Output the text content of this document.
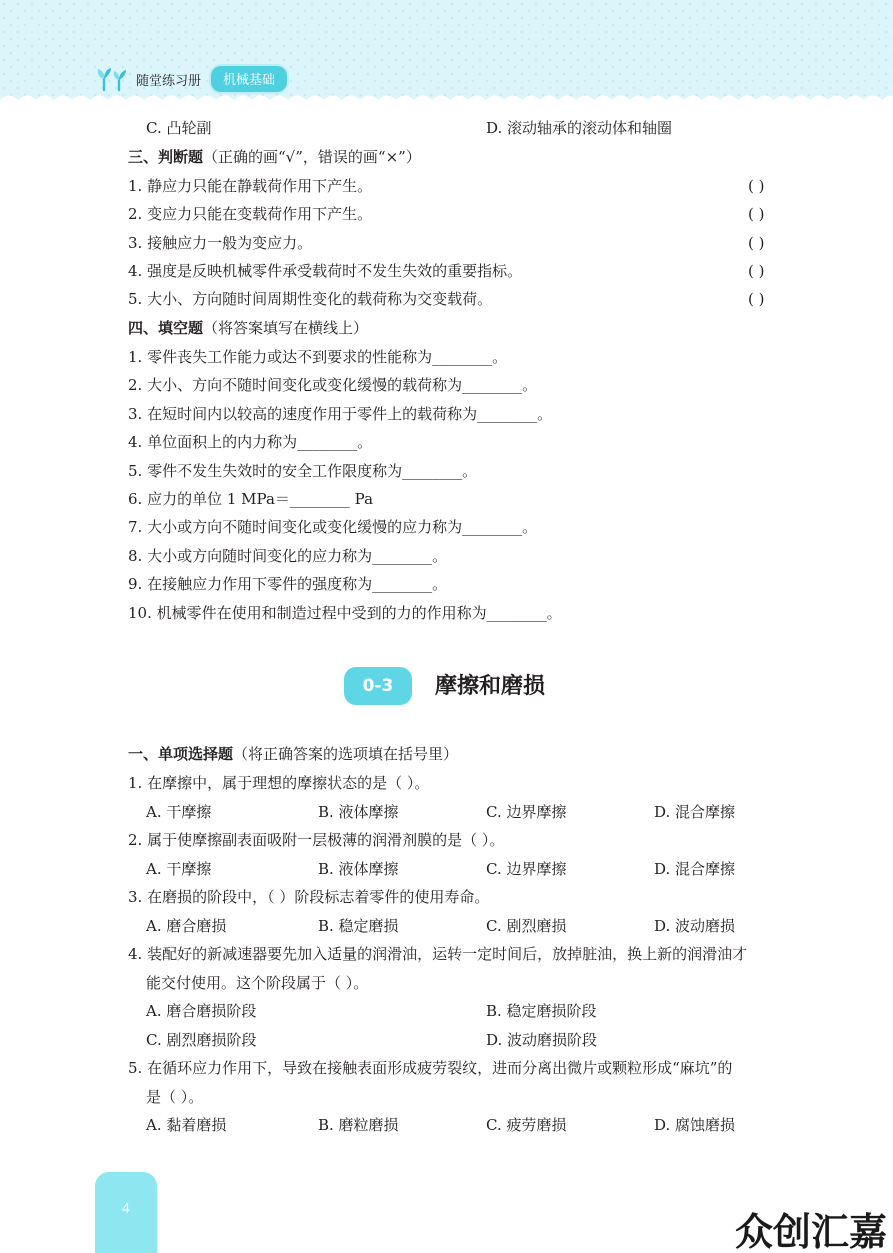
随堂练习册	机械基础
C. 凸轮副	D. 滚动轴承的滚动体和轴圈
三、判断题（正确的画“√”，错误的画“×”）
1. 静应力只能在静载荷作用下产生。	( )
2. 变应力只能在变载荷作用下产生。	( )
3. 接触应力一般为变应力。	( )
4. 强度是反映机械零件承受载荷时不发生失效的重要指标。	( )
5. 大小、方向随时间周期性变化的载荷称为交变载荷。	( )
四、填空题（将答案填写在横线上）
1. 零件丧失工作能力或达不到要求的性能称为________。
2. 大小、方向不随时间变化或变化缓慢的载荷称为________。
3. 在短时间内以较高的速度作用于零件上的载荷称为________。
4. 单位面积上的内力称为________。
5. 零件不发生失效时的安全工作限度称为________。
6. 应力的单位 1 MPa＝________ Pa
7. 大小或方向不随时间变化或变化缓慢的应力称为________。
8. 大小或方向随时间变化的应力称为________。
9. 在接触应力作用下零件的强度称为________。
10. 机械零件在使用和制造过程中受到的力的作用称为________。
0-3	摩擦和磨损
一、单项选择题（将正确答案的选项填在括号里）
1. 在摩擦中，属于理想的摩擦状态的是（ ）。
A. 干摩擦	B. 液体摩擦	C. 边界摩擦	D. 混合摩擦
2. 属于使摩擦副表面吸附一层极薄的润滑剂膜的是（ ）。
A. 干摩擦	B. 液体摩擦	C. 边界摩擦	D. 混合摩擦
3. 在磨损的阶段中，（ ）阶段标志着零件的使用寿命。
A. 磨合磨损	B. 稳定磨损	C. 剧烈磨损	D. 波动磨损
4. 装配好的新减速器要先加入适量的润滑油，运转一定时间后，放掉脏油，换上新的润滑油才
能交付使用。这个阶段属于（ ）。
A. 磨合磨损阶段	B. 稳定磨损阶段
C. 剧烈磨损阶段	D. 波动磨损阶段
5. 在循环应力作用下，导致在接触表面形成疲劳裂纹，进而分离出微片或颗粒形成“麻坑”的
是（ ）。
A. 黏着磨损	B. 磨粒磨损	C. 疲劳磨损	D. 腐蚀磨损
4
众创汇嘉
